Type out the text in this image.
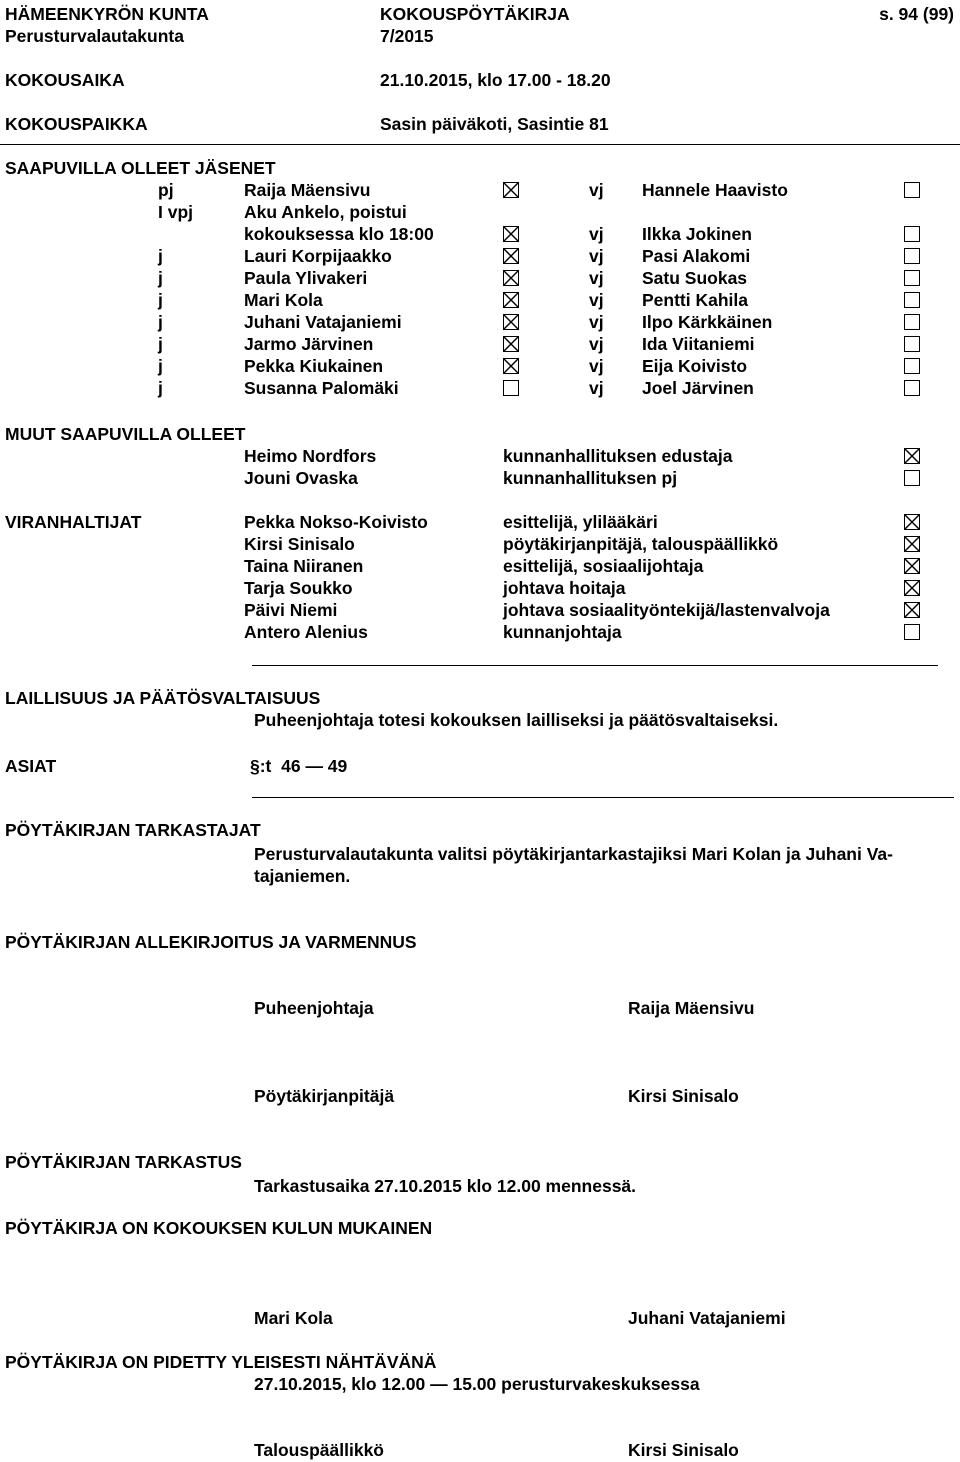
HÄMEENKYRÖN KUNTA
Perusturvalautakunta
KOKOUSPÖYTÄKIRJA
7/2015
s. 94 (99)
KOKOUSAIKA	21.10.2015, klo 17.00 - 18.20
KOKOUSPAIKKA	Sasin päiväkoti, Sasintie 81
SAAPUVILLA OLLEET JÄSENET
pj	Raija Mäensivu	vj Hannele Haavisto
I vpj	Aku Ankelo, poistui
kokouksessa klo 18:00	vj Ilkka Jokinen
j	Lauri Korpijaakko	vj Pasi Alakomi
j	Paula Ylivakeri	vj Satu Suokas
j	Mari Kola	vj Pentti Kahila
j	Juhani Vatajaniemi	vj Ilpo Kärkkäinen
j	Jarmo Järvinen	vj Ida Viitaniemi
j	Pekka Kiukainen	vj Eija Koivisto
j	Susanna Palomäki	vj Joel Järvinen
MUUT SAAPUVILLA OLLEET
Heimo Nordfors	kunnanhallituksen edustaja
Jouni Ovaska	kunnanhallituksen pj
VIRANHALTIJAT	Pekka Nokso-Koivisto	esittelijä, ylilääkäri
Kirsi Sinisalo	pöytäkirjanpitäjä, talouspäällikkö
Taina Niiranen	esittelijä, sosiaalijohtaja
Tarja Soukko	johtava hoitaja
Päivi Niemi	johtava sosiaalityöntekijä/lastenvalvoja
Antero Alenius	kunnanjohtaja
LAILLISUUS JA PÄÄTÖSVALTAISUUS
Puheenjohtaja totesi kokouksen lailliseksi ja päätösvaltaiseksi.
ASIAT	§:t  46 — 49
PÖYTÄKIRJAN TARKASTAJAT
Perusturvalautakunta valitsi pöytäkirjantarkastajiksi Mari Kolan ja Juhani Va-
tajaniemen.
PÖYTÄKIRJAN ALLEKIRJOITUS JA VARMENNUS
Puheenjohtaja	Raija Mäensivu
Pöytäkirjanpitäjä	Kirsi Sinisalo
PÖYTÄKIRJAN TARKASTUS
Tarkastusaika 27.10.2015 klo 12.00 mennessä.
PÖYTÄKIRJA ON KOKOUKSEN KULUN MUKAINEN
Mari Kola	Juhani Vatajaniemi
PÖYTÄKIRJA ON PIDETTY YLEISESTI NÄHTÄVÄNÄ
27.10.2015, klo 12.00 — 15.00 perusturvakeskuksessa
Talouspäällikkö	Kirsi Sinisalo
